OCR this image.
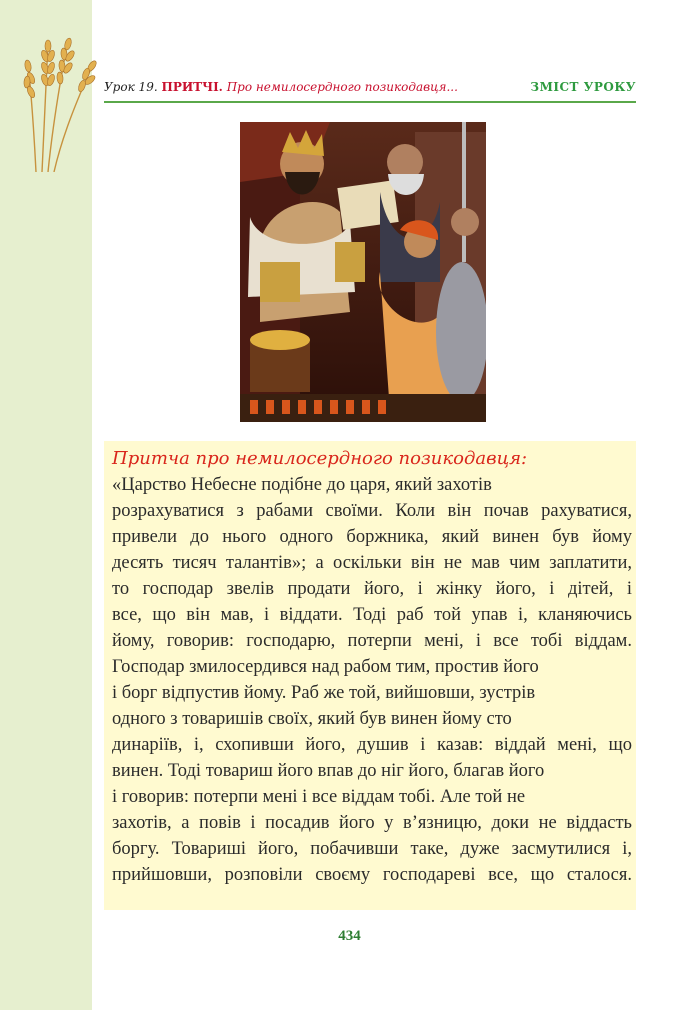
Урок 19. ПРИТЧІ. Про немилосердного позикодавця...	ЗМІСТ УРОКУ
Притча про немилосердного позикодавця:
«Царство Небесне подібне до царя, який захотів
розрахуватися з рабами своїми. Коли він почав рахуватися,
привели до нього одного боржника, який винен був йому
десять тисяч талантів»; а оскільки він не мав чим заплатити,
то господар звелів продати його, і жінку його, і дітей, і
все, що він мав, і віддати. Тоді раб той упав і, кланяючись
йому, говорив: господарю, потерпи мені, і все тобі віддам.
Господар змилосердився над рабом тим, простив його
і борг відпустив йому. Раб же той, вийшовши, зустрів
одного з товаришів своїх, який був винен йому сто
динаріїв, і, схопивши його, душив і казав: віддай мені, що
винен. Тоді товариш його впав до ніг його, благав його
і говорив: потерпи мені і все віддам тобі. Але той не
захотів, а повів і посадив його у в’язницю, доки не віддасть
боргу. Товариші його, побачивши таке, дуже засмутилися і,
прийшовши, розповіли своєму господареві все, що сталося.
434
